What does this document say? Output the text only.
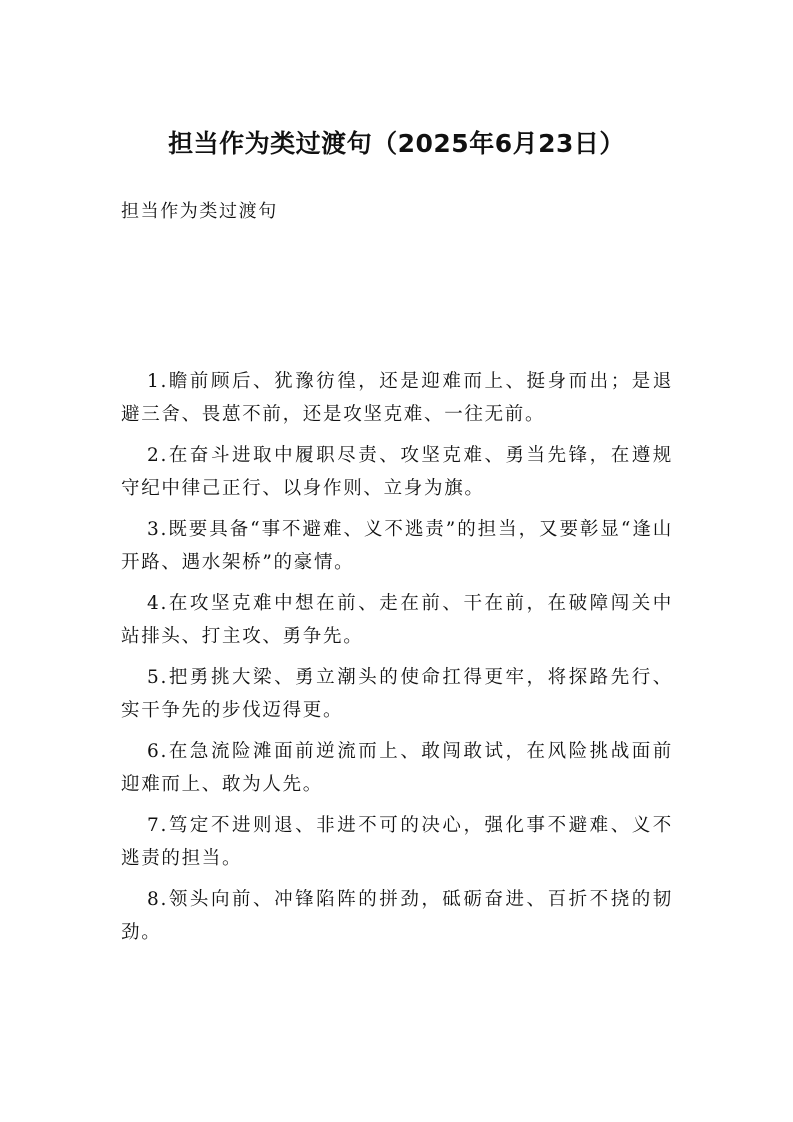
担当作为类过渡句（2025年6月23日）
担当作为类过渡句

1.瞻前顾后、犹豫彷徨，还是迎难而上、挺身而出；是退避三舍、畏葸不前，还是攻坚克难、一往无前。

2.在奋斗进取中履职尽责、攻坚克难、勇当先锋，在遵规守纪中律己正行、以身作则、立身为旗。

3.既要具备“事不避难、义不逃责”的担当，又要彰显“逢山开路、遇水架桥”的豪情。

4.在攻坚克难中想在前、走在前、干在前，在破障闯关中站排头、打主攻、勇争先。

5.把勇挑大梁、勇立潮头的使命扛得更牢，将探路先行、实干争先的步伐迈得更。

6.在急流险滩面前逆流而上、敢闯敢试，在风险挑战面前迎难而上、敢为人先。

7.笃定不进则退、非进不可的决心，强化事不避难、义不逃责的担当。

8.领头向前、冲锋陷阵的拼劲，砥砺奋进、百折不挠的韧劲。
